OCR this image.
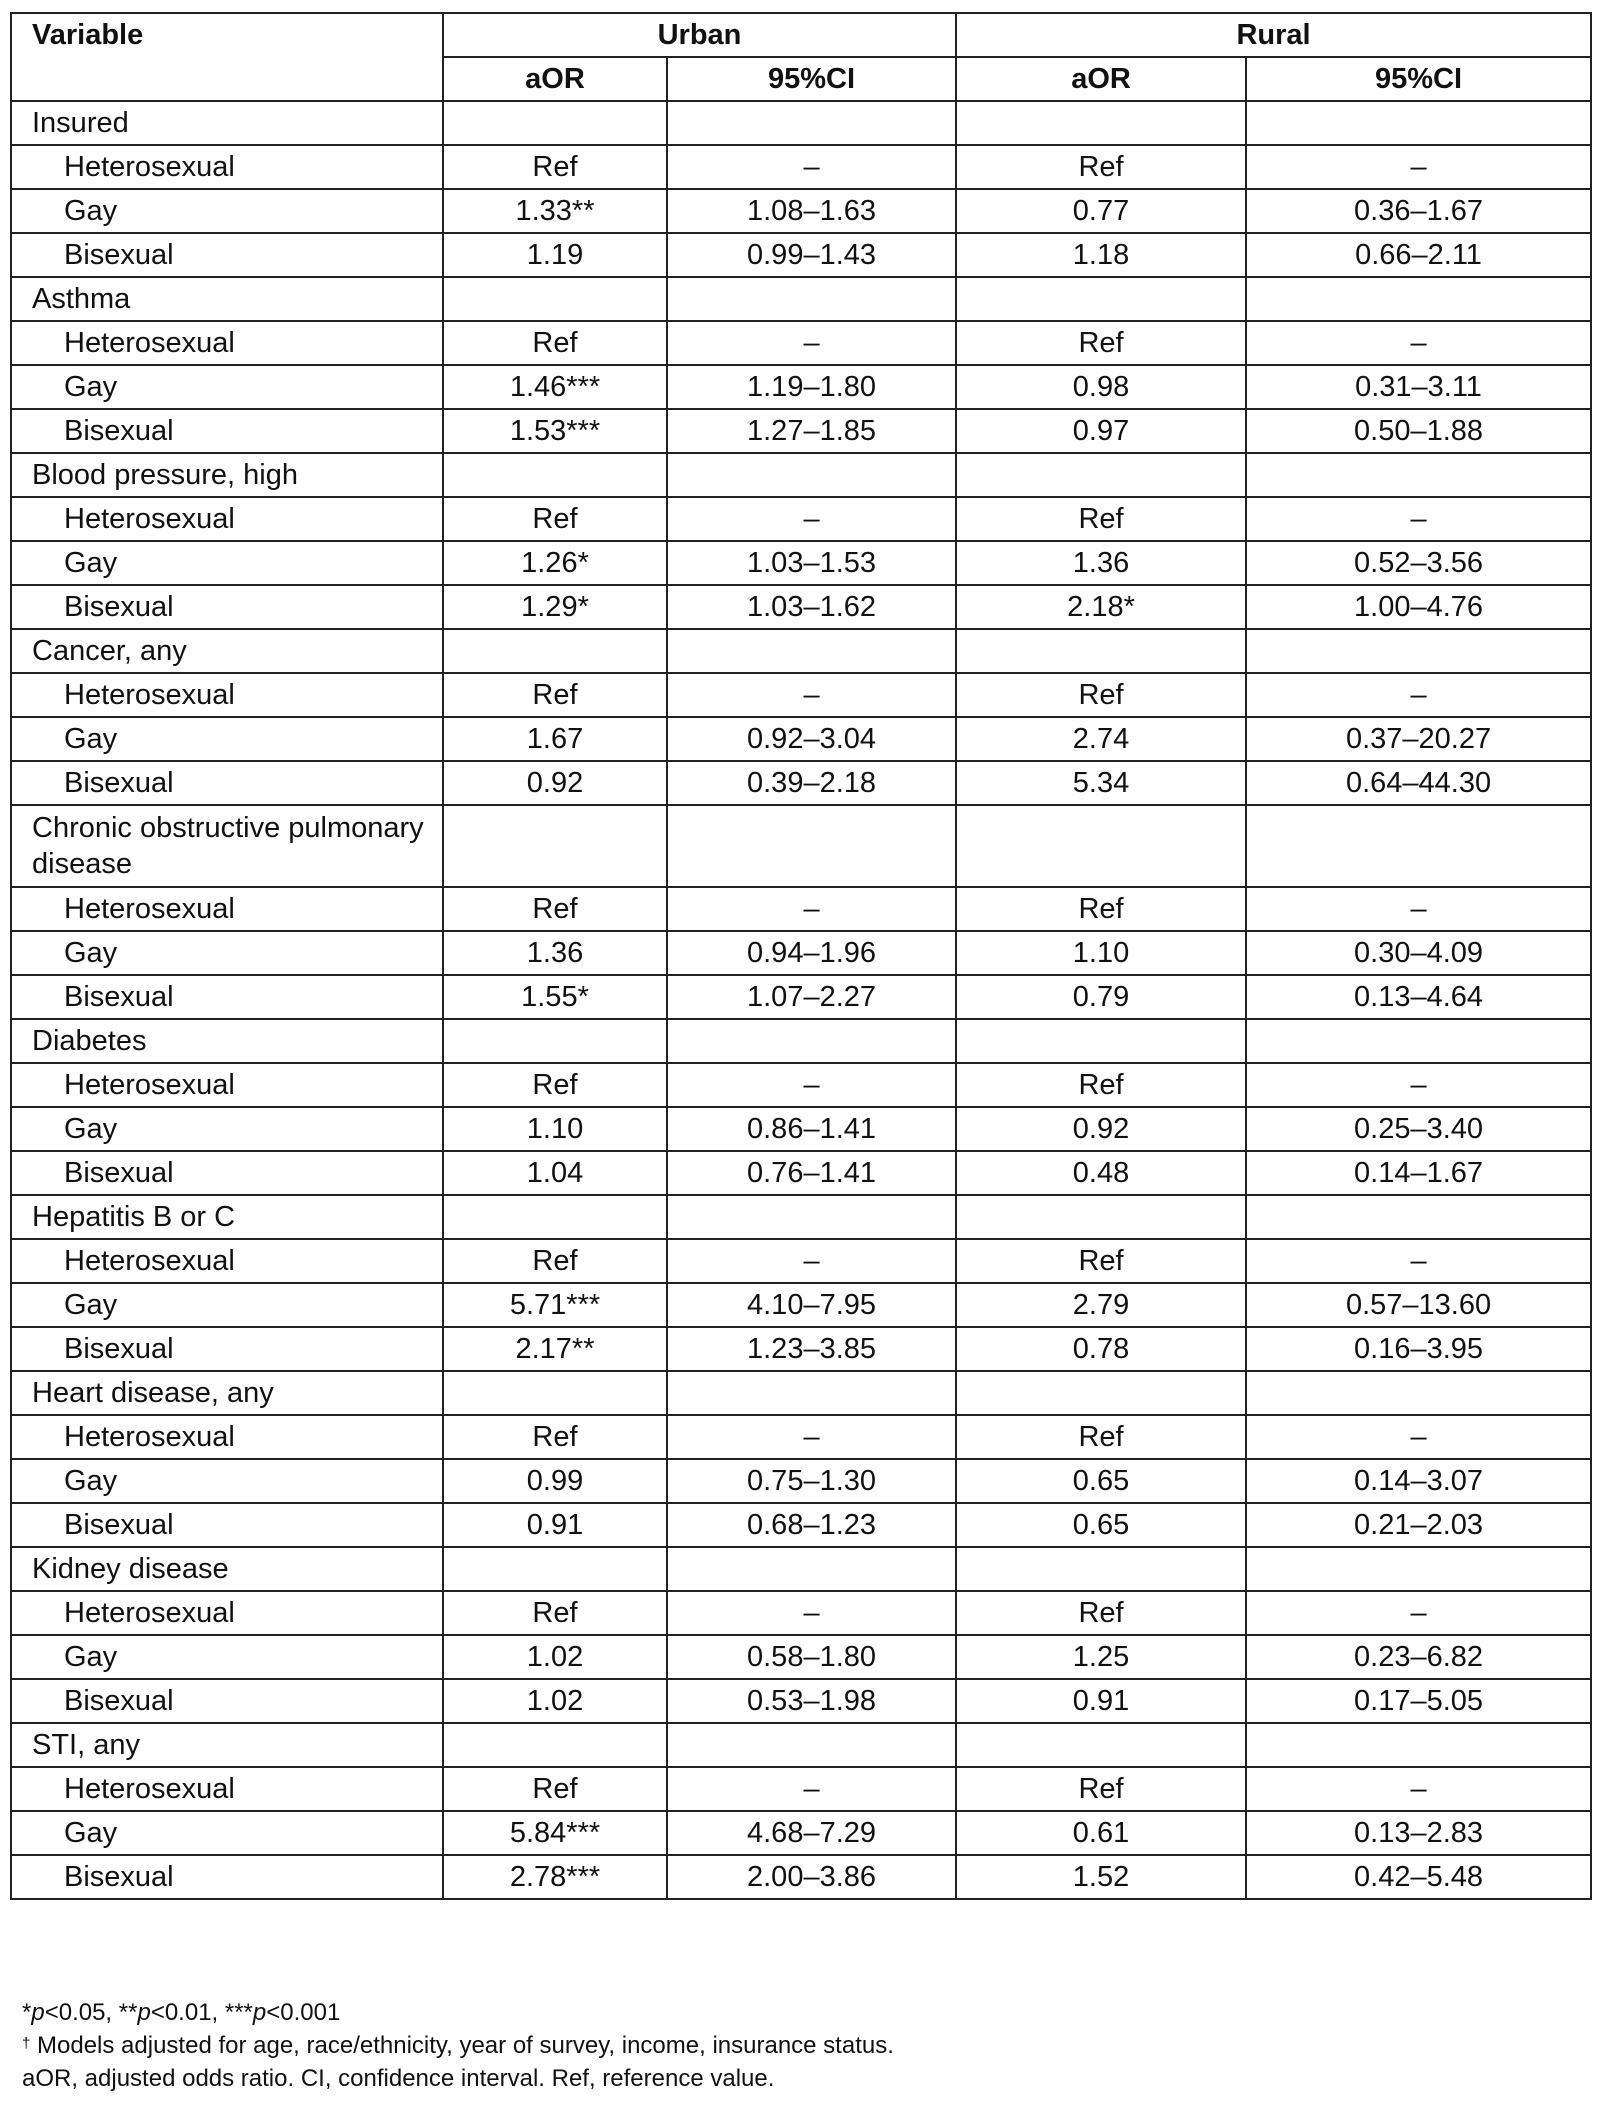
Variable	Urban		Rural	
	aOR	95%CI	aOR	95%CI
Insured				
Heterosexual	Ref	–	Ref	–
Gay	1.33**	1.08–1.63	0.77	0.36–1.67
Bisexual	1.19	0.99–1.43	1.18	0.66–2.11
Asthma				
Heterosexual	Ref	–	Ref	–
Gay	1.46***	1.19–1.80	0.98	0.31–3.11
Bisexual	1.53***	1.27–1.85	0.97	0.50–1.88
Blood pressure, high				
Heterosexual	Ref	–	Ref	–
Gay	1.26*	1.03–1.53	1.36	0.52–3.56
Bisexual	1.29*	1.03–1.62	2.18*	1.00–4.76
Cancer, any				
Heterosexual	Ref	–	Ref	–
Gay	1.67	0.92–3.04	2.74	0.37–20.27
Bisexual	0.92	0.39–2.18	5.34	0.64–44.30
Chronic obstructive pulmonary disease				
Heterosexual	Ref	–	Ref	–
Gay	1.36	0.94–1.96	1.10	0.30–4.09
Bisexual	1.55*	1.07–2.27	0.79	0.13–4.64
Diabetes				
Heterosexual	Ref	–	Ref	–
Gay	1.10	0.86–1.41	0.92	0.25–3.40
Bisexual	1.04	0.76–1.41	0.48	0.14–1.67
Hepatitis B or C				
Heterosexual	Ref	–	Ref	–
Gay	5.71***	4.10–7.95	2.79	0.57–13.60
Bisexual	2.17**	1.23–3.85	0.78	0.16–3.95
Heart disease, any				
Heterosexual	Ref	–	Ref	–
Gay	0.99	0.75–1.30	0.65	0.14–3.07
Bisexual	0.91	0.68–1.23	0.65	0.21–2.03
Kidney disease				
Heterosexual	Ref	–	Ref	–
Gay	1.02	0.58–1.80	1.25	0.23–6.82
Bisexual	1.02	0.53–1.98	0.91	0.17–5.05
STI, any				
Heterosexual	Ref	–	Ref	–
Gay	5.84***	4.68–7.29	0.61	0.13–2.83
Bisexual	2.78***	2.00–3.86	1.52	0.42–5.48
*p<0.05, **p<0.01, ***p<0.001
† Models adjusted for age, race/ethnicity, year of survey, income, insurance status.
aOR, adjusted odds ratio. CI, confidence interval. Ref, reference value.
